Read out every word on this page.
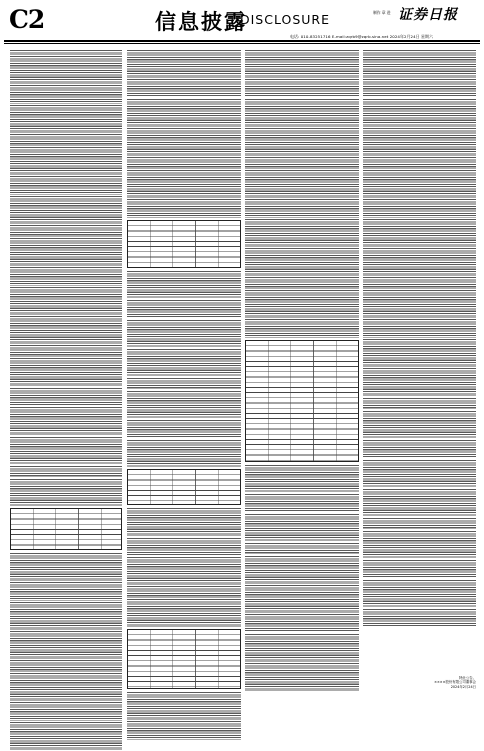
C2	信息披露
DISCLOSURE	制作 章 进 证券日报
电话: 010-83251716 E-mail:zqrb9@zqrb.sina.net 2024年2月24日 星期六
特此公告。
××××股份有限公司董事会
2024年2月24日
